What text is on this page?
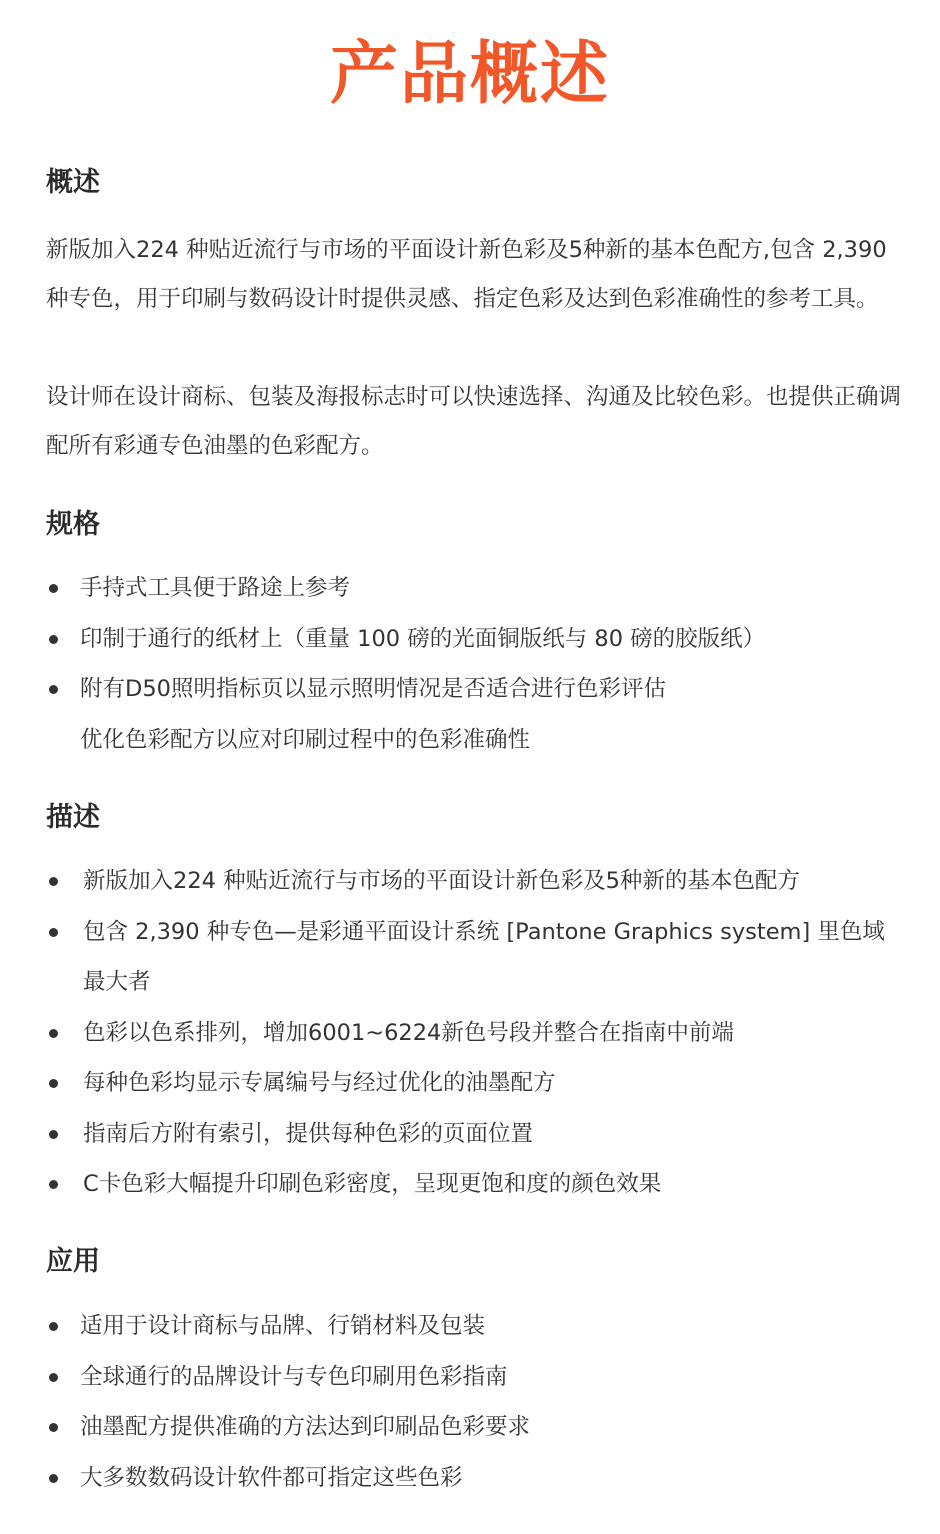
产品概述
概述

新版加入224 种贴近流行与市场的平面设计新色彩及5种新的基本色配方,包含 2,390 种专色，用于印刷与数码设计时提供灵感、指定色彩及达到色彩准确性的参考工具。

设计师在设计商标、包装及海报标志时可以快速选择、沟通及比较色彩。也提供正确调配所有彩通专色油墨的色彩配方。

规格
手持式工具便于路途上参考
印制于通行的纸材上（重量 100 磅的光面铜版纸与 80 磅的胶版纸）
附有D50照明指标页以显示照明情况是否适合进行色彩评估
优化色彩配方以应对印刷过程中的色彩准确性
描述
新版加入224 种贴近流行与市场的平面设计新色彩及5种新的基本色配方
包含 2,390 种专色—是彩通平面设计系统 [Pantone Graphics system] 里色域最大者
色彩以色系排列，增加6001~6224新色号段并整合在指南中前端
每种色彩均显示专属编号与经过优化的油墨配方
指南后方附有索引，提供每种色彩的页面位置
C卡色彩大幅提升印刷色彩密度，呈现更饱和度的颜色效果
应用
适用于设计商标与品牌、行销材料及包装
全球通行的品牌设计与专色印刷用色彩指南
油墨配方提供准确的方法达到印刷品色彩要求
大多数数码设计软件都可指定这些色彩
